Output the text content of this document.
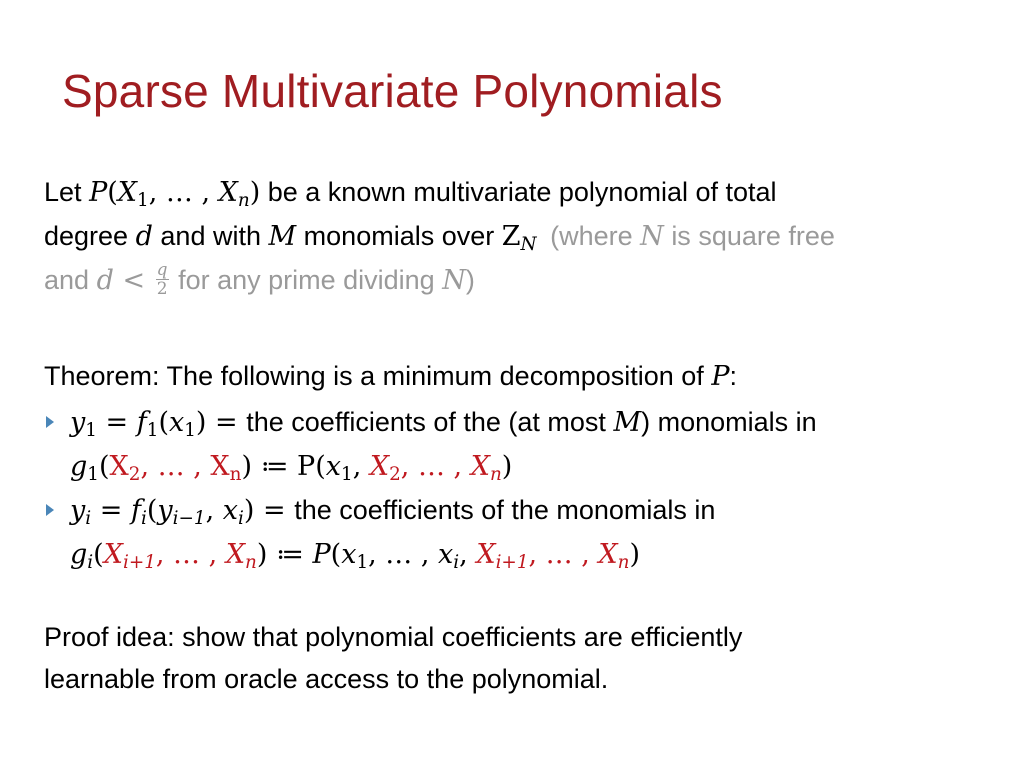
Sparse Multivariate Polynomials
Let $P(X_1$, … , $X_n$) be a known multivariate polynomial of total
degree d and with M monomials over $Z_N$ (where N is square free
and $d < \frac{q}{2}$ for any prime dividing N)
Theorem: The following is a minimum decomposition of P:
$y_1 = f_1(x_1)$ = the coefficients of the (at most M) monomials in
$g_1(X_2$, … , $X_n$) ≔ $P(x_1$, $X_2$, … , $X_n$)
$y_i = f_i(y_{i-1}$, $x_i$) = the coefficients of the monomials in
$g_i(X_{i+1}$, … , $X_n$) ≔ $P(x_1$, … , $x_i$, $X_{i+1}$, … , $X_n$)
Proof idea: show that polynomial coefficients are efficiently
learnable from oracle access to the polynomial.
